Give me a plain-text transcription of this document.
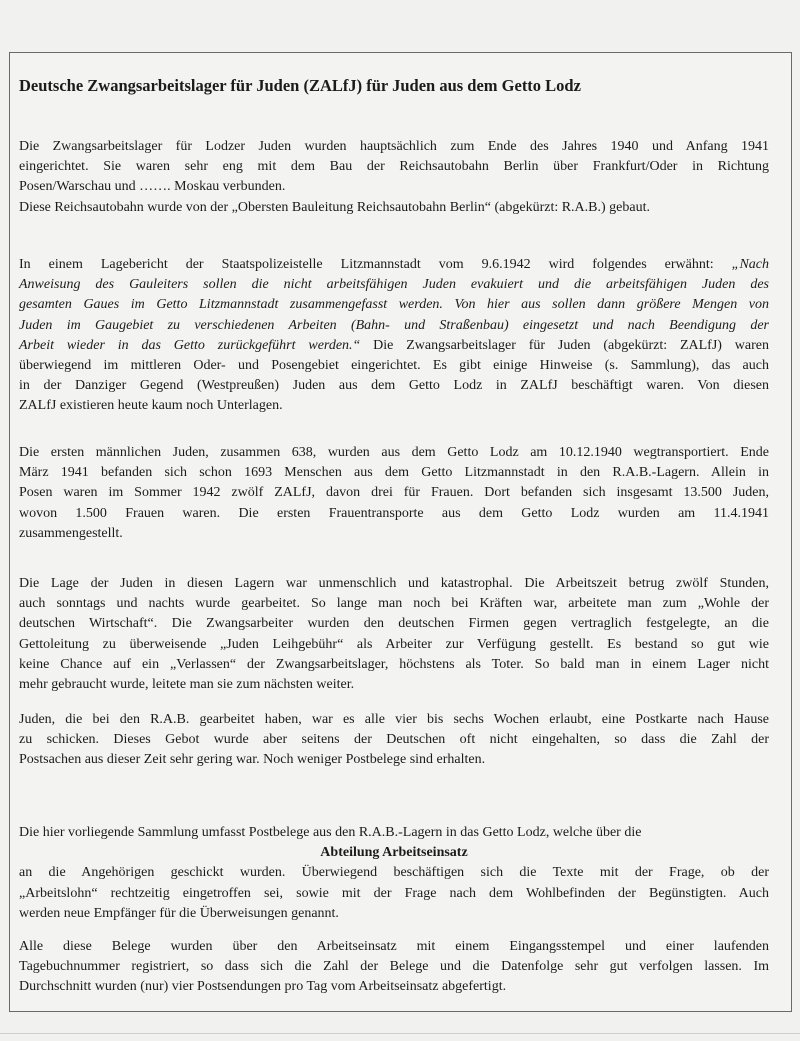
Deutsche Zwangsarbeitslager für Juden (ZALfJ) für Juden aus dem Getto Lodz
Die Zwangsarbeitslager für Lodzer Juden wurden hauptsächlich zum Ende des Jahres 1940 und Anfang 1941
eingerichtet. Sie waren sehr eng mit dem Bau der Reichsautobahn Berlin über Frankfurt/Oder in Richtung
Posen/Warschau und ……. Moskau verbunden.
Diese Reichsautobahn wurde von der „Obersten Bauleitung Reichsautobahn Berlin“ (abgekürzt: R.A.B.) gebaut.
In einem Lagebericht der Staatspolizeistelle Litzmannstadt vom 9.6.1942 wird folgendes erwähnt: „Nach
Anweisung des Gauleiters sollen die nicht arbeitsfähigen Juden evakuiert und die arbeitsfähigen Juden des
gesamten Gaues im Getto Litzmannstadt zusammengefasst werden. Von hier aus sollen dann größere Mengen von
Juden im Gaugebiet zu verschiedenen Arbeiten (Bahn- und Straßenbau) eingesetzt und nach Beendigung der
Arbeit wieder in das Getto zurückgeführt werden.“ Die Zwangsarbeitslager für Juden (abgekürzt: ZALfJ) waren
überwiegend im mittleren Oder- und Posengebiet eingerichtet. Es gibt einige Hinweise (s. Sammlung), das auch
in der Danziger Gegend (Westpreußen) Juden aus dem Getto Lodz in ZALfJ beschäftigt waren. Von diesen
ZALfJ existieren heute kaum noch Unterlagen.
Die ersten männlichen Juden, zusammen 638, wurden aus dem Getto Lodz am 10.12.1940 wegtransportiert. Ende
März 1941 befanden sich schon 1693 Menschen aus dem Getto Litzmannstadt in den R.A.B.-Lagern. Allein in
Posen waren im Sommer 1942 zwölf ZALfJ, davon drei für Frauen. Dort befanden sich insgesamt 13.500 Juden,
wovon 1.500 Frauen waren. Die ersten Frauentransporte aus dem Getto Lodz wurden am 11.4.1941
zusammengestellt.
Die Lage der Juden in diesen Lagern war unmenschlich und katastrophal. Die Arbeitszeit betrug zwölf Stunden,
auch sonntags und nachts wurde gearbeitet. So lange man noch bei Kräften war, arbeitete man zum „Wohle der
deutschen Wirtschaft“. Die Zwangsarbeiter wurden den deutschen Firmen gegen vertraglich festgelegte, an die
Gettoleitung zu überweisende „Juden Leihgebühr“ als Arbeiter zur Verfügung gestellt. Es bestand so gut wie
keine Chance auf ein „Verlassen“ der Zwangsarbeitslager, höchstens als Toter. So bald man in einem Lager nicht
mehr gebraucht wurde, leitete man sie zum nächsten weiter.
Juden, die bei den R.A.B. gearbeitet haben, war es alle vier bis sechs Wochen erlaubt, eine Postkarte nach Hause
zu schicken. Dieses Gebot wurde aber seitens der Deutschen oft nicht eingehalten, so dass die Zahl der
Postsachen aus dieser Zeit sehr gering war. Noch weniger Postbelege sind erhalten.
Die hier vorliegende Sammlung umfasst Postbelege aus den R.A.B.-Lagern in das Getto Lodz, welche über die
Abteilung Arbeitseinsatz
an die Angehörigen geschickt wurden. Überwiegend beschäftigen sich die Texte mit der Frage, ob der
„Arbeitslohn“ rechtzeitig eingetroffen sei, sowie mit der Frage nach dem Wohlbefinden der Begünstigten. Auch
werden neue Empfänger für die Überweisungen genannt.
Alle diese Belege wurden über den Arbeitseinsatz mit einem Eingangsstempel und einer laufenden
Tagebuchnummer registriert, so dass sich die Zahl der Belege und die Datenfolge sehr gut verfolgen lassen. Im
Durchschnitt wurden (nur) vier Postsendungen pro Tag vom Arbeitseinsatz abgefertigt.
